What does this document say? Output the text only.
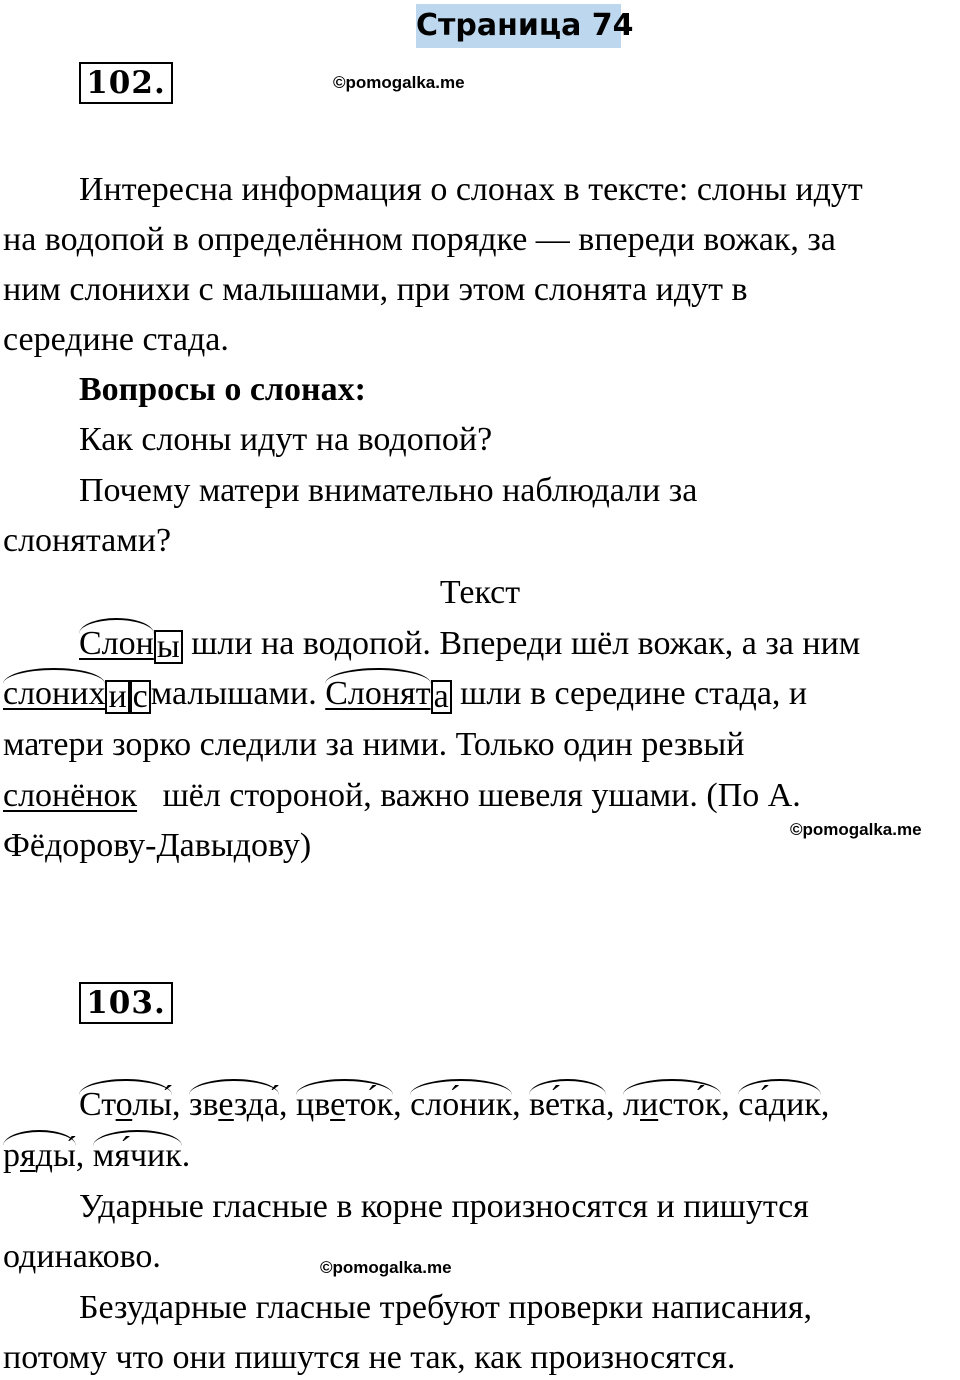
Страница 74
102.	©pomogalka.me
Интересна информация о слонах в тексте: слоны идут
на водопой в определённом порядке — впереди вожак, за
ним слонихи с малышами, при этом слонята идут в
середине стада.
Вопросы о слонах:
Как слоны идут на водопой?
Почему матери внимательно наблюдали за
слонятами?
Текст
Слоны шли на водопой. Впереди шёл вожак, а за ним
слонихи смалышами. Слонята шли в середине стада, и
матери зорко следили за ними. Только один резвый
слонёнок   шёл стороной, важно шевеля ушами. (По А.
©pomogalka.me
Фёдорову-Давыдову)
103.
Столы́, звезда́, цвето́к, сло́ник, ве́тка, листо́к, са́дик,
ряды́, мя́чик.
Ударные гласные в корне произносятся и пишутся
одинаково.	©pomogalka.me
Безударные гласные требуют проверки написания,
потому что они пишутся не так, как произносятся.
